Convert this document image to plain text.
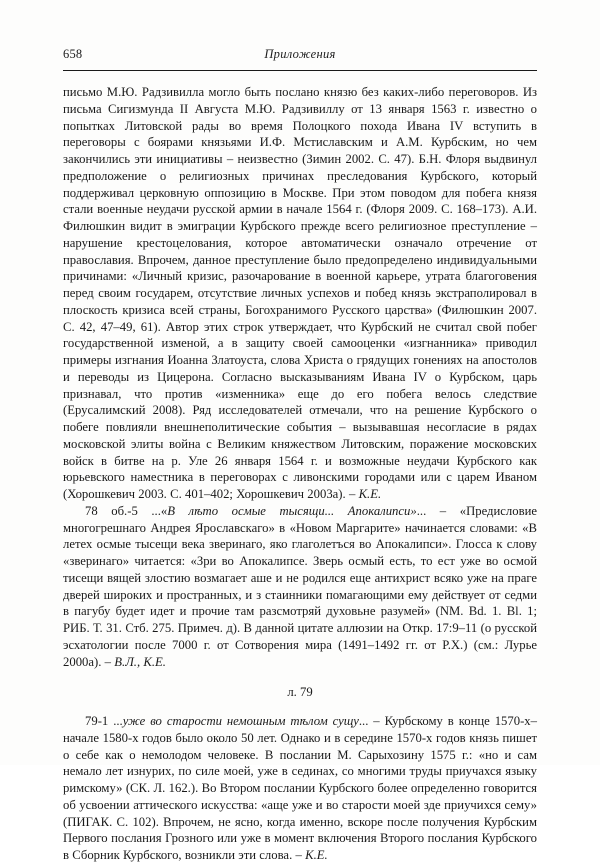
658	Приложения

письмо М.Ю. Радзивилла могло быть послано князю без каких-либо переговоров. Из письма Сигизмунда II Августа М.Ю. Радзивиллу от 13 января 1563 г. известно о попытках Литовской рады во время Полоцкого похода Ивана IV вступить в переговоры с боярами князьями И.Ф. Мстиславским и А.М. Курбским, но чем закончились эти инициативы – неизвестно (Зимин 2002. С. 47). Б.Н. Флоря выдвинул предположение о религиозных причинах преследования Курбского, который поддерживал церковную оппозицию в Москве. При этом поводом для побега князя стали военные неудачи русской армии в начале 1564 г. (Флоря 2009. С. 168–173). А.И. Филюшкин видит в эмиграции Курбского прежде всего религиозное преступление – нарушение крестоцелования, которое автоматически означало отречение от православия. Впрочем, данное преступление было предопределено индивидуальными причинами: «Личный кризис, разочарование в военной карьере, утрата благоговения перед своим государем, отсутствие личных успехов и побед князь экстраполировал в плоскость кризиса всей страны, Богохранимого Русского царства» (Филюшкин 2007. С. 42, 47–49, 61). Автор этих строк утверждает, что Курбский не считал свой побег государственной изменой, а в защиту своей самооценки «изгнанника» приводил примеры изгнания Иоанна Златоуста, слова Христа о грядущих гонениях на апостолов и переводы из Цицерона. Согласно высказываниям Ивана IV о Курбском, царь признавал, что против «изменника» еще до его побега велось следствие (Ерусалимский 2008). Ряд исследователей отмечали, что на решение Курбского о побеге повлияли внешнеполитические события – вызывавшая несогласие в рядах московской элиты война с Великим княжеством Литовским, поражение московских войск в битве на р. Уле 26 января 1564 г. и возможные неудачи Курбского как юрьевского наместника в переговорах с ливонскими городами или с царем Иваном (Хорошкевич 2003. С. 401–402; Хорошкевич 2003а). – К.Е.

78 об.-5 ...«В лѣто осмые тысящи... Апокалипси»... – «Предисловие многогрешнаго Андрея Ярославскаго» в «Новом Маргарите» начинается словами: «В летех осмые тысещи века зверинаго, яко глаголетъся во Апокалипси». Глосса к слову «зверинаго» читается: «Зри во Апокалипсе. Зверь осмый есть, то ест уже во осмой тисещи вящей злостию возмагает аше и не родился еще антихрист всяко уже на праге дверей широких и пространных, и з стаинники помагающими ему действует от седми в пагубу будет идет и прочие там разсмотряй духовьне разумей» (NM. Bd. 1. Bl. 1; РИБ. Т. 31. Стб. 275. Примеч. д). В данной цитате аллюзии на Откр. 17:9–11 (о русской эсхатологии после 7000 г. от Сотворения мира (1491–1492 гг. от Р.Х.) (см.: Лурье 2000а). – В.Л., К.Е.

л. 79

79-1 ...уже во старости немошным тѣлом сущу... – Курбскому в конце 1570-х–начале 1580-х годов было около 50 лет. Однако и в середине 1570-х годов князь пишет о себе как о немолодом человеке. В послании М. Сарыхозину 1575 г.: «но и сам немало лет изнурих, по силе моей, уже в сединах, со многими труды приучахся языку римскому» (СК. Л. 162.). Во Втором послании Курбского более определенно говорится об усвоении аттического искусства: «аще уже и во старости моей зде приучихся сему» (ПИГАК. С. 102). Впрочем, не ясно, когда именно, вскоре после получения Курбским Первого послания Грозного или уже в момент включения Второго послания Курбского в Сборник Курбского, возникли эти слова. – К.Е.
